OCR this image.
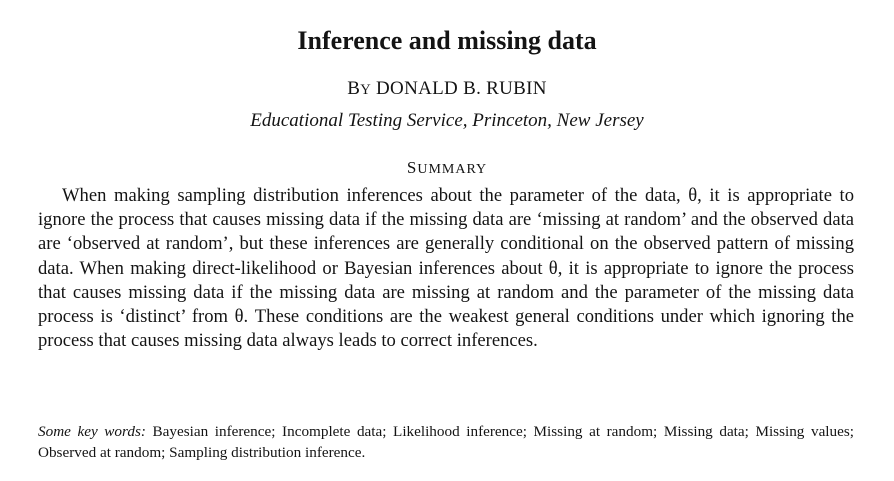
Inference and missing data
BY DONALD B. RUBIN
Educational Testing Service, Princeton, New Jersey
SUMMARY

When making sampling distribution inferences about the parameter of the data, θ, it is appropriate to ignore the process that causes missing data if the missing data are ‘missing at random’ and the observed data are ‘observed at random’, but these inferences are generally conditional on the observed pattern of missing data. When making direct-likelihood or Bayesian inferences about θ, it is appropriate to ignore the process that causes missing data if the missing data are missing at random and the parameter of the missing data process is ‘distinct’ from θ. These conditions are the weakest general conditions under which ignoring the process that causes missing data always leads to correct inferences.

Some key words: Bayesian inference; Incomplete data; Likelihood inference; Missing at random; Missing data; Missing values; Observed at random; Sampling distribution inference.
